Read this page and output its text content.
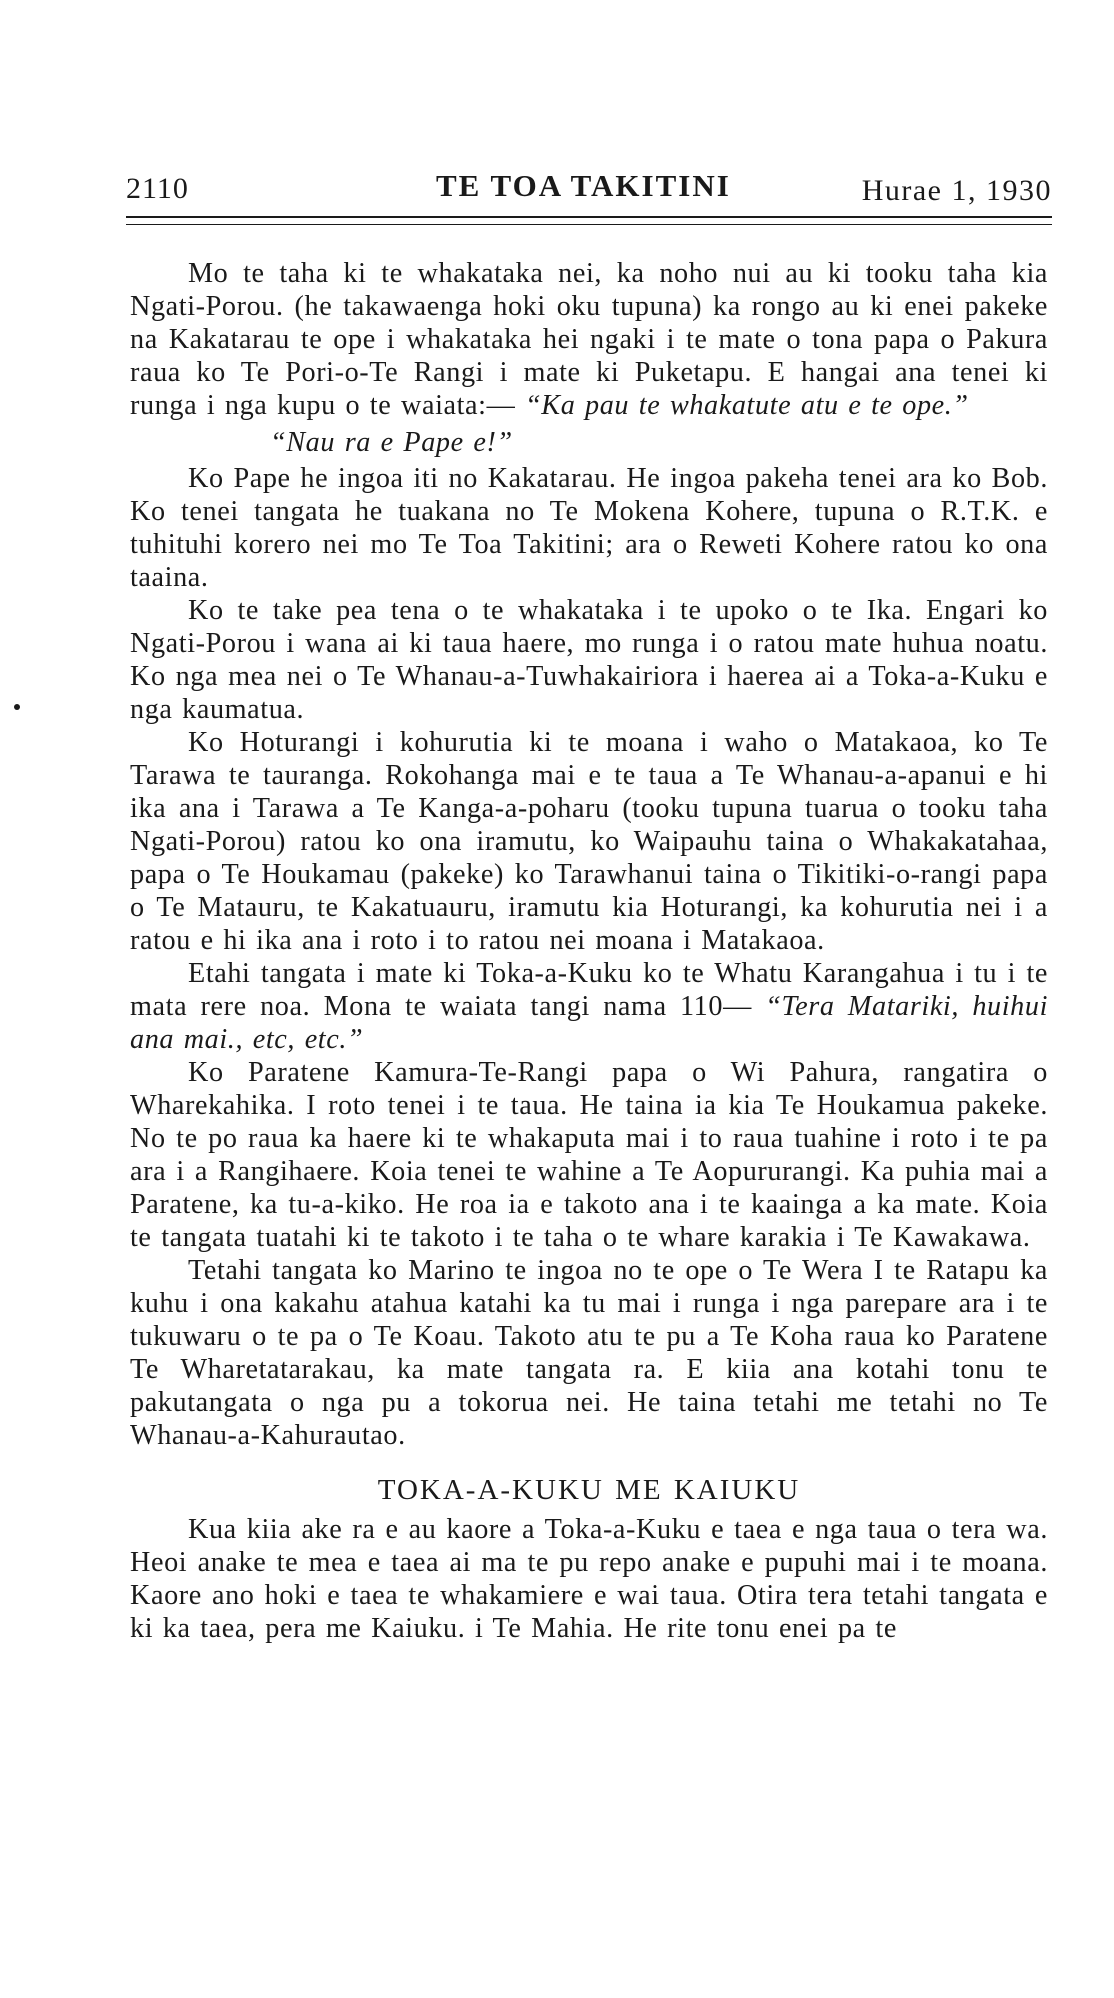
2110	TE TOA TAKITINI	Hurae 1, 1930

Mo te taha ki te whakataka nei, ka noho nui au ki tooku taha kia Ngati-Porou. (he takawaenga hoki oku tupuna) ka rongo au ki enei pakeke na Kakatarau te ope i whakataka hei ngaki i te mate o tona papa o Pakura raua ko Te Pori-o-Te Rangi i mate ki Puketapu. E hangai ana tenei ki runga i nga kupu o te waiata:— “Ka pau te whakatute atu e te ope.”

“Nau ra e Pape e!”

Ko Pape he ingoa iti no Kakatarau. He ingoa pakeha tenei ara ko Bob. Ko tenei tangata he tuakana no Te Mokena Kohere, tupuna o R.T.K. e tuhituhi korero nei mo Te Toa Takitini; ara o Reweti Kohere ratou ko ona taaina.

Ko te take pea tena o te whakataka i te upoko o te Ika. Engari ko Ngati-Porou i wana ai ki taua haere, mo runga i o ratou mate huhua noatu. Ko nga mea nei o Te Whanau-a-Tuwhakairiora i haerea ai a Toka-a-Kuku e nga kaumatua.

Ko Hoturangi i kohurutia ki te moana i waho o Matakaoa, ko Te Tarawa te tauranga. Rokohanga mai e te taua a Te Whanau-a-apanui e hi ika ana i Tarawa a Te Kanga-a-poharu (tooku tupuna tuarua o tooku taha Ngati-Porou) ratou ko ona iramutu, ko Waipauhu taina o Whakakatahaa, papa o Te Houkamau (pakeke) ko Tarawhanui taina o Tikitiki-o-rangi papa o Te Matauru, te Kakatuauru, iramutu kia Hoturangi, ka kohurutia nei i a ratou e hi ika ana i roto i to ratou nei moana i Matakaoa.

Etahi tangata i mate ki Toka-a-Kuku ko te Whatu Karangahua i tu i te mata rere noa. Mona te waiata tangi nama 110— “Tera Matariki, huihui ana mai., etc, etc.”

Ko Paratene Kamura-Te-Rangi papa o Wi Pahura, rangatira o Wharekahika. I roto tenei i te taua. He taina ia kia Te Houkamua pakeke. No te po raua ka haere ki te whakaputa mai i to raua tuahine i roto i te pa ara i a Rangihaere. Koia tenei te wahine a Te Aopururangi. Ka puhia mai a Paratene, ka tu-a-kiko. He roa ia e takoto ana i te kaainga a ka mate. Koia te tangata tuatahi ki te takoto i te taha o te whare karakia i Te Kawakawa.

Tetahi tangata ko Marino te ingoa no te ope o Te Wera I te Ratapu ka kuhu i ona kakahu atahua katahi ka tu mai i runga i nga parepare ara i te tukuwaru o te pa o Te Koau. Takoto atu te pu a Te Koha raua ko Paratene Te Wharetatarakau, ka mate tangata ra. E kiia ana kotahi tonu te pakutangata o nga pu a tokorua nei. He taina tetahi me tetahi no Te Whanau-a-Kahurautao.

TOKA-A-KUKU ME KAIUKU

Kua kiia ake ra e au kaore a Toka-a-Kuku e taea e nga taua o tera wa. Heoi anake te mea e taea ai ma te pu repo anake e pupuhi mai i te moana. Kaore ano hoki e taea te whakamiere e wai taua. Otira tera tetahi tangata e ki ka taea, pera me Kaiuku. i Te Mahia. He rite tonu enei pa te
